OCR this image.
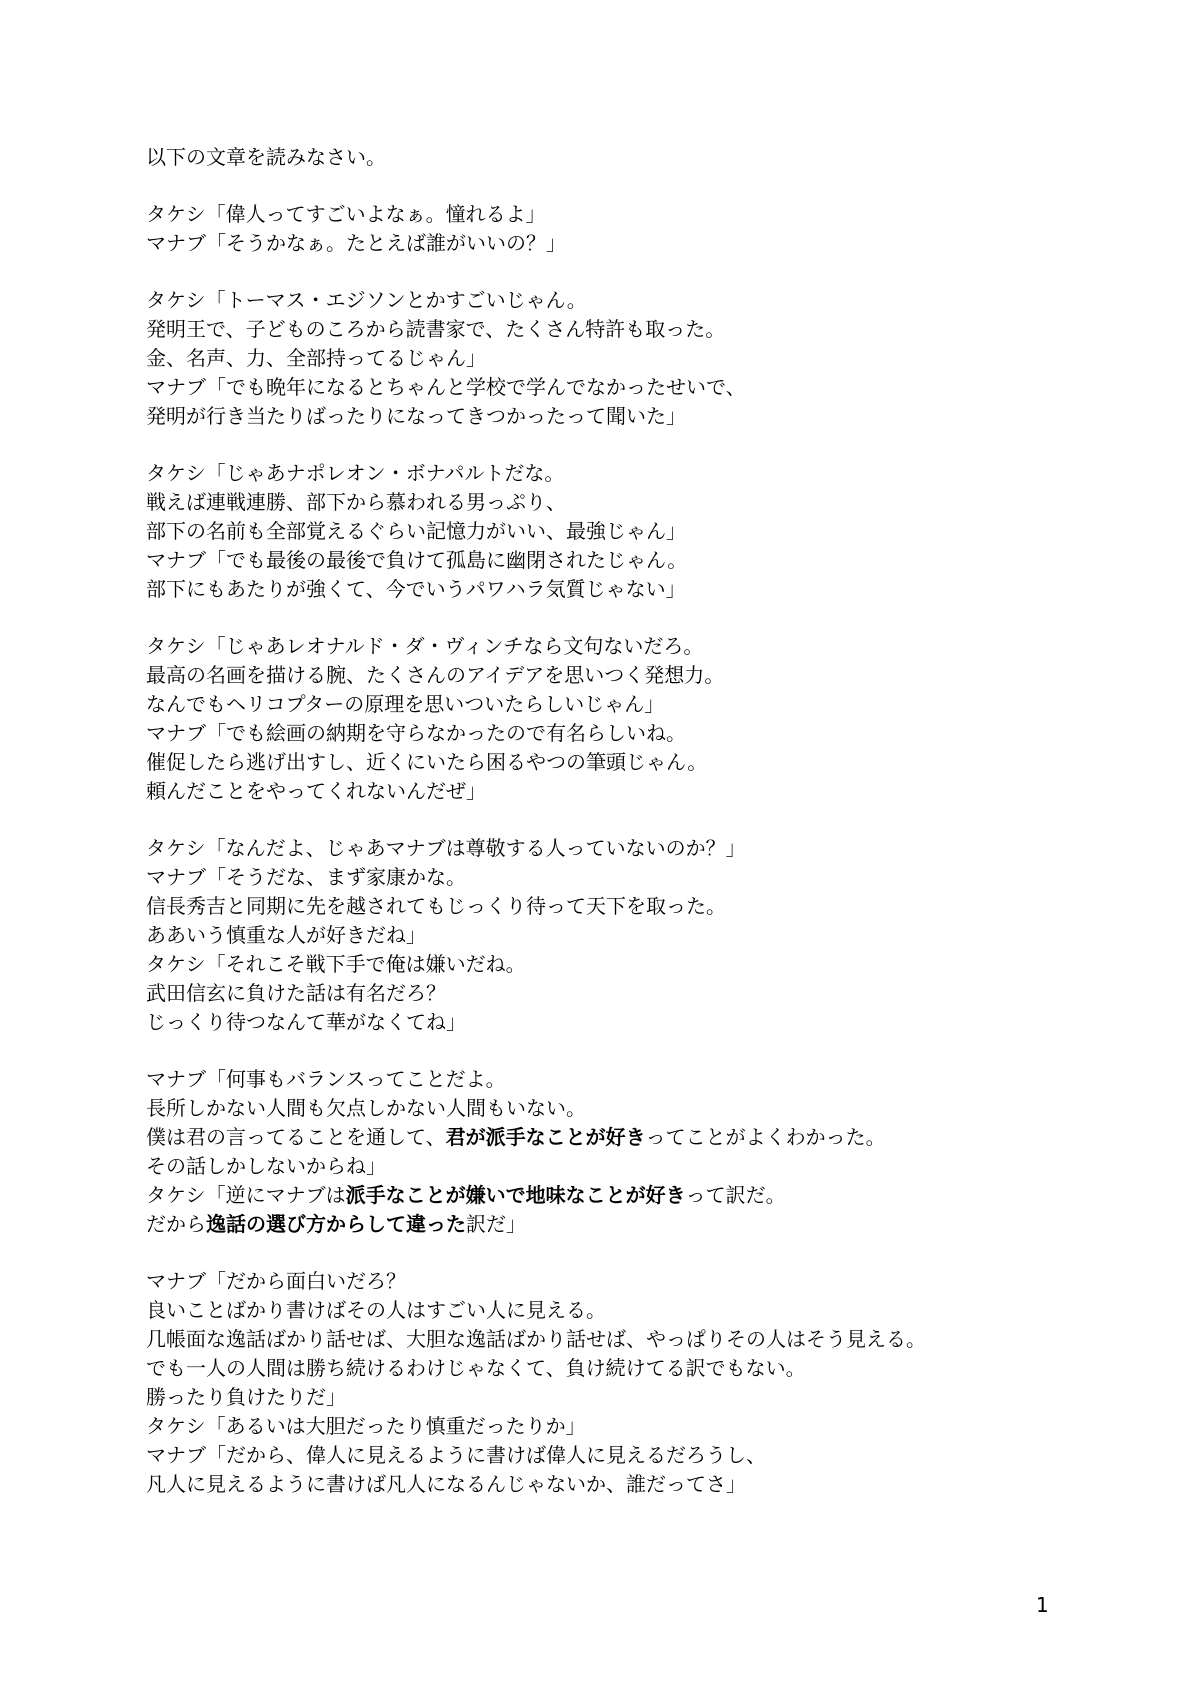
以下の文章を読みなさい。
タケシ「偉人ってすごいよなぁ。憧れるよ」
マナブ「そうかなぁ。たとえば誰がいいの？」
タケシ「トーマス・エジソンとかすごいじゃん。
発明王で、子どものころから読書家で、たくさん特許も取った。
金、名声、力、全部持ってるじゃん」
マナブ「でも晩年になるとちゃんと学校で学んでなかったせいで、
発明が行き当たりばったりになってきつかったって聞いた」
タケシ「じゃあナポレオン・ボナパルトだな。
戦えば連戦連勝、部下から慕われる男っぷり、
部下の名前も全部覚えるぐらい記憶力がいい、最強じゃん」
マナブ「でも最後の最後で負けて孤島に幽閉されたじゃん。
部下にもあたりが強くて、今でいうパワハラ気質じゃない」
タケシ「じゃあレオナルド・ダ・ヴィンチなら文句ないだろ。
最高の名画を描ける腕、たくさんのアイデアを思いつく発想力。
なんでもヘリコプターの原理を思いついたらしいじゃん」
マナブ「でも絵画の納期を守らなかったので有名らしいね。
催促したら逃げ出すし、近くにいたら困るやつの筆頭じゃん。
頼んだことをやってくれないんだぜ」
タケシ「なんだよ、じゃあマナブは尊敬する人っていないのか？」
マナブ「そうだな、まず家康かな。
信長秀吉と同期に先を越されてもじっくり待って天下を取った。
ああいう慎重な人が好きだね」
タケシ「それこそ戦下手で俺は嫌いだね。
武田信玄に負けた話は有名だろ？
じっくり待つなんて華がなくてね」
マナブ「何事もバランスってことだよ。
長所しかない人間も欠点しかない人間もいない。
僕は君の言ってることを通して、君が派手なことが好きってことがよくわかった。
その話しかしないからね」
タケシ「逆にマナブは派手なことが嫌いで地味なことが好きって訳だ。
だから逸話の選び方からして違った訳だ」
マナブ「だから面白いだろ？
良いことばかり書けばその人はすごい人に見える。
几帳面な逸話ばかり話せば、大胆な逸話ばかり話せば、やっぱりその人はそう見える。
でも一人の人間は勝ち続けるわけじゃなくて、負け続けてる訳でもない。
勝ったり負けたりだ」
タケシ「あるいは大胆だったり慎重だったりか」
マナブ「だから、偉人に見えるように書けば偉人に見えるだろうし、
凡人に見えるように書けば凡人になるんじゃないか、誰だってさ」
1
